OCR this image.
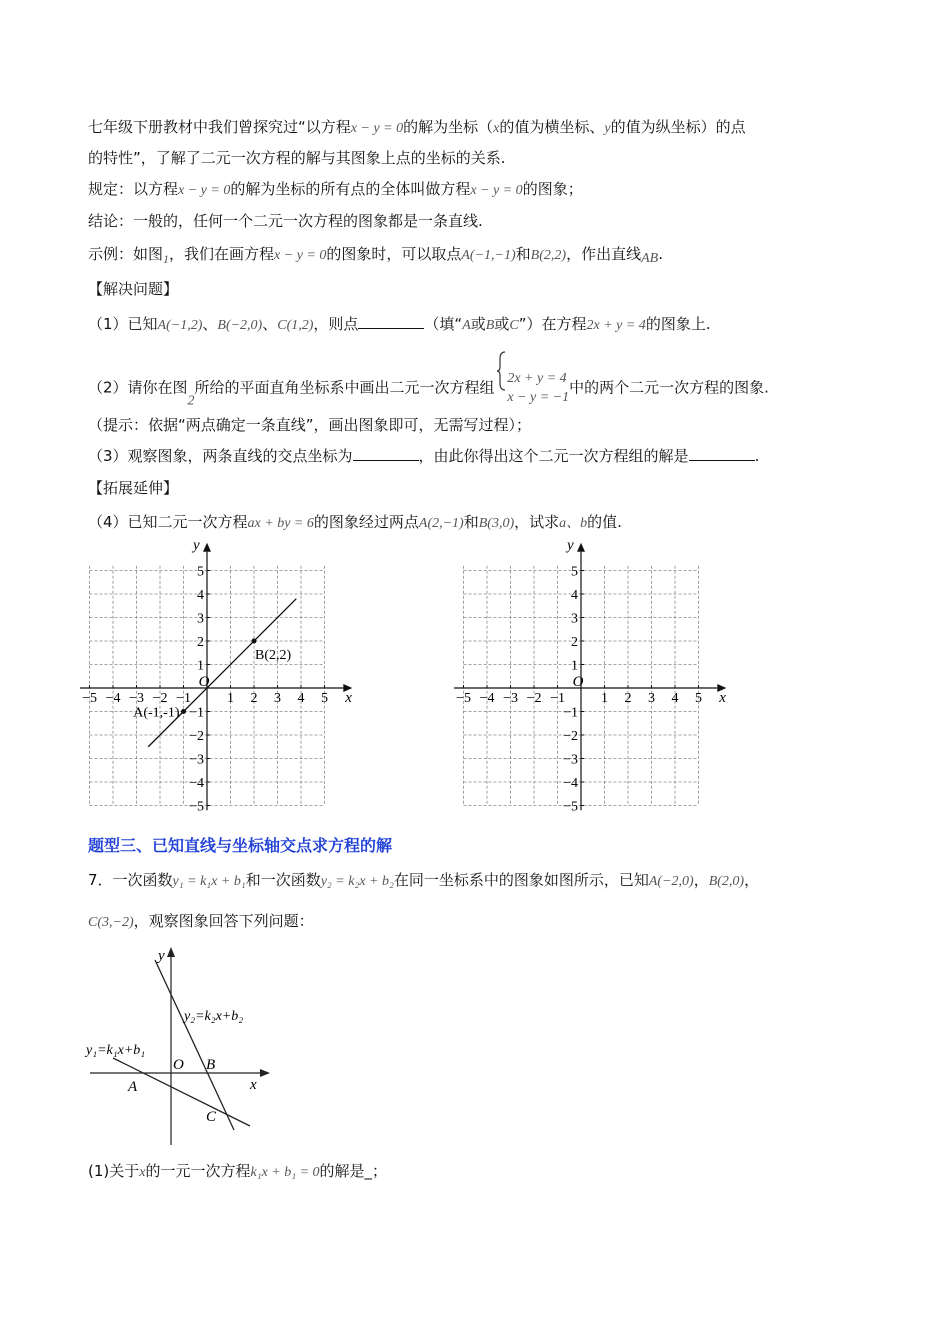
七年级下册教材中我们曾探究过“以方程x − y = 0的解为坐标（x的值为横坐标、y的值为纵坐标）的点
的特性”，了解了二元一次方程的解与其图象上点的坐标的关系.
规定：以方程x − y = 0的解为坐标的所有点的全体叫做方程x − y = 0的图象；
结论：一般的，任何一个二元一次方程的图象都是一条直线.
示例：如图$_1$，我们在画方程x − y = 0的图象时，可以取点A(−1,−1)和B(2,2)，作出直线AB.
【解决问题】
（1）已知A(−1,2)、B(−2,0)、C(1,2)，则点	（填“A或B或C”）在方程2x + y = 4的图象上.
（2）请你在图2所给的平面直角坐标系中画出二元一次方程组 2x + y = 4
x − y = −1
中的两个二元一次方程的图象.
（提示：依据“两点确定一条直线”，画出图象即可，无需写过程）；
（3）观察图象，两条直线的交点坐标为	，由此你得出这个二元一次方程组的解是	.
【拓展延伸】
（4）已知二元一次方程ax + by = 6的图象经过两点A(2,−1)和B(3,0)，试求a、b的值.
−5 −4 −3 −2 −1	1 2 3 4 5
5
4
3
2
1
−1
−2
−3
−4
−5
x
y
O
A(-1,-1)
B(2,2)
−5 −4 −3 −2 −1	1 2 3 4 5
5
4
3
2
1
−1
−2
−3
−4
−5
x
y
O
题型三、已知直线与坐标轴交点求方程的解
7．一次函数y₁ = k₁x + b₁和一次函数y₂ = k₂x + b₂在同一坐标系中的图象如图所示，已知A(−2,0)，B(2,0)，
C(3,−2)，观察图象回答下列问题：
y
x
O
A
B
C
y₁=k₁x+b₁
y₂=k₂x+b₂
(1)关于x的一元一次方程k₁x + b₁ = 0的解是_；
